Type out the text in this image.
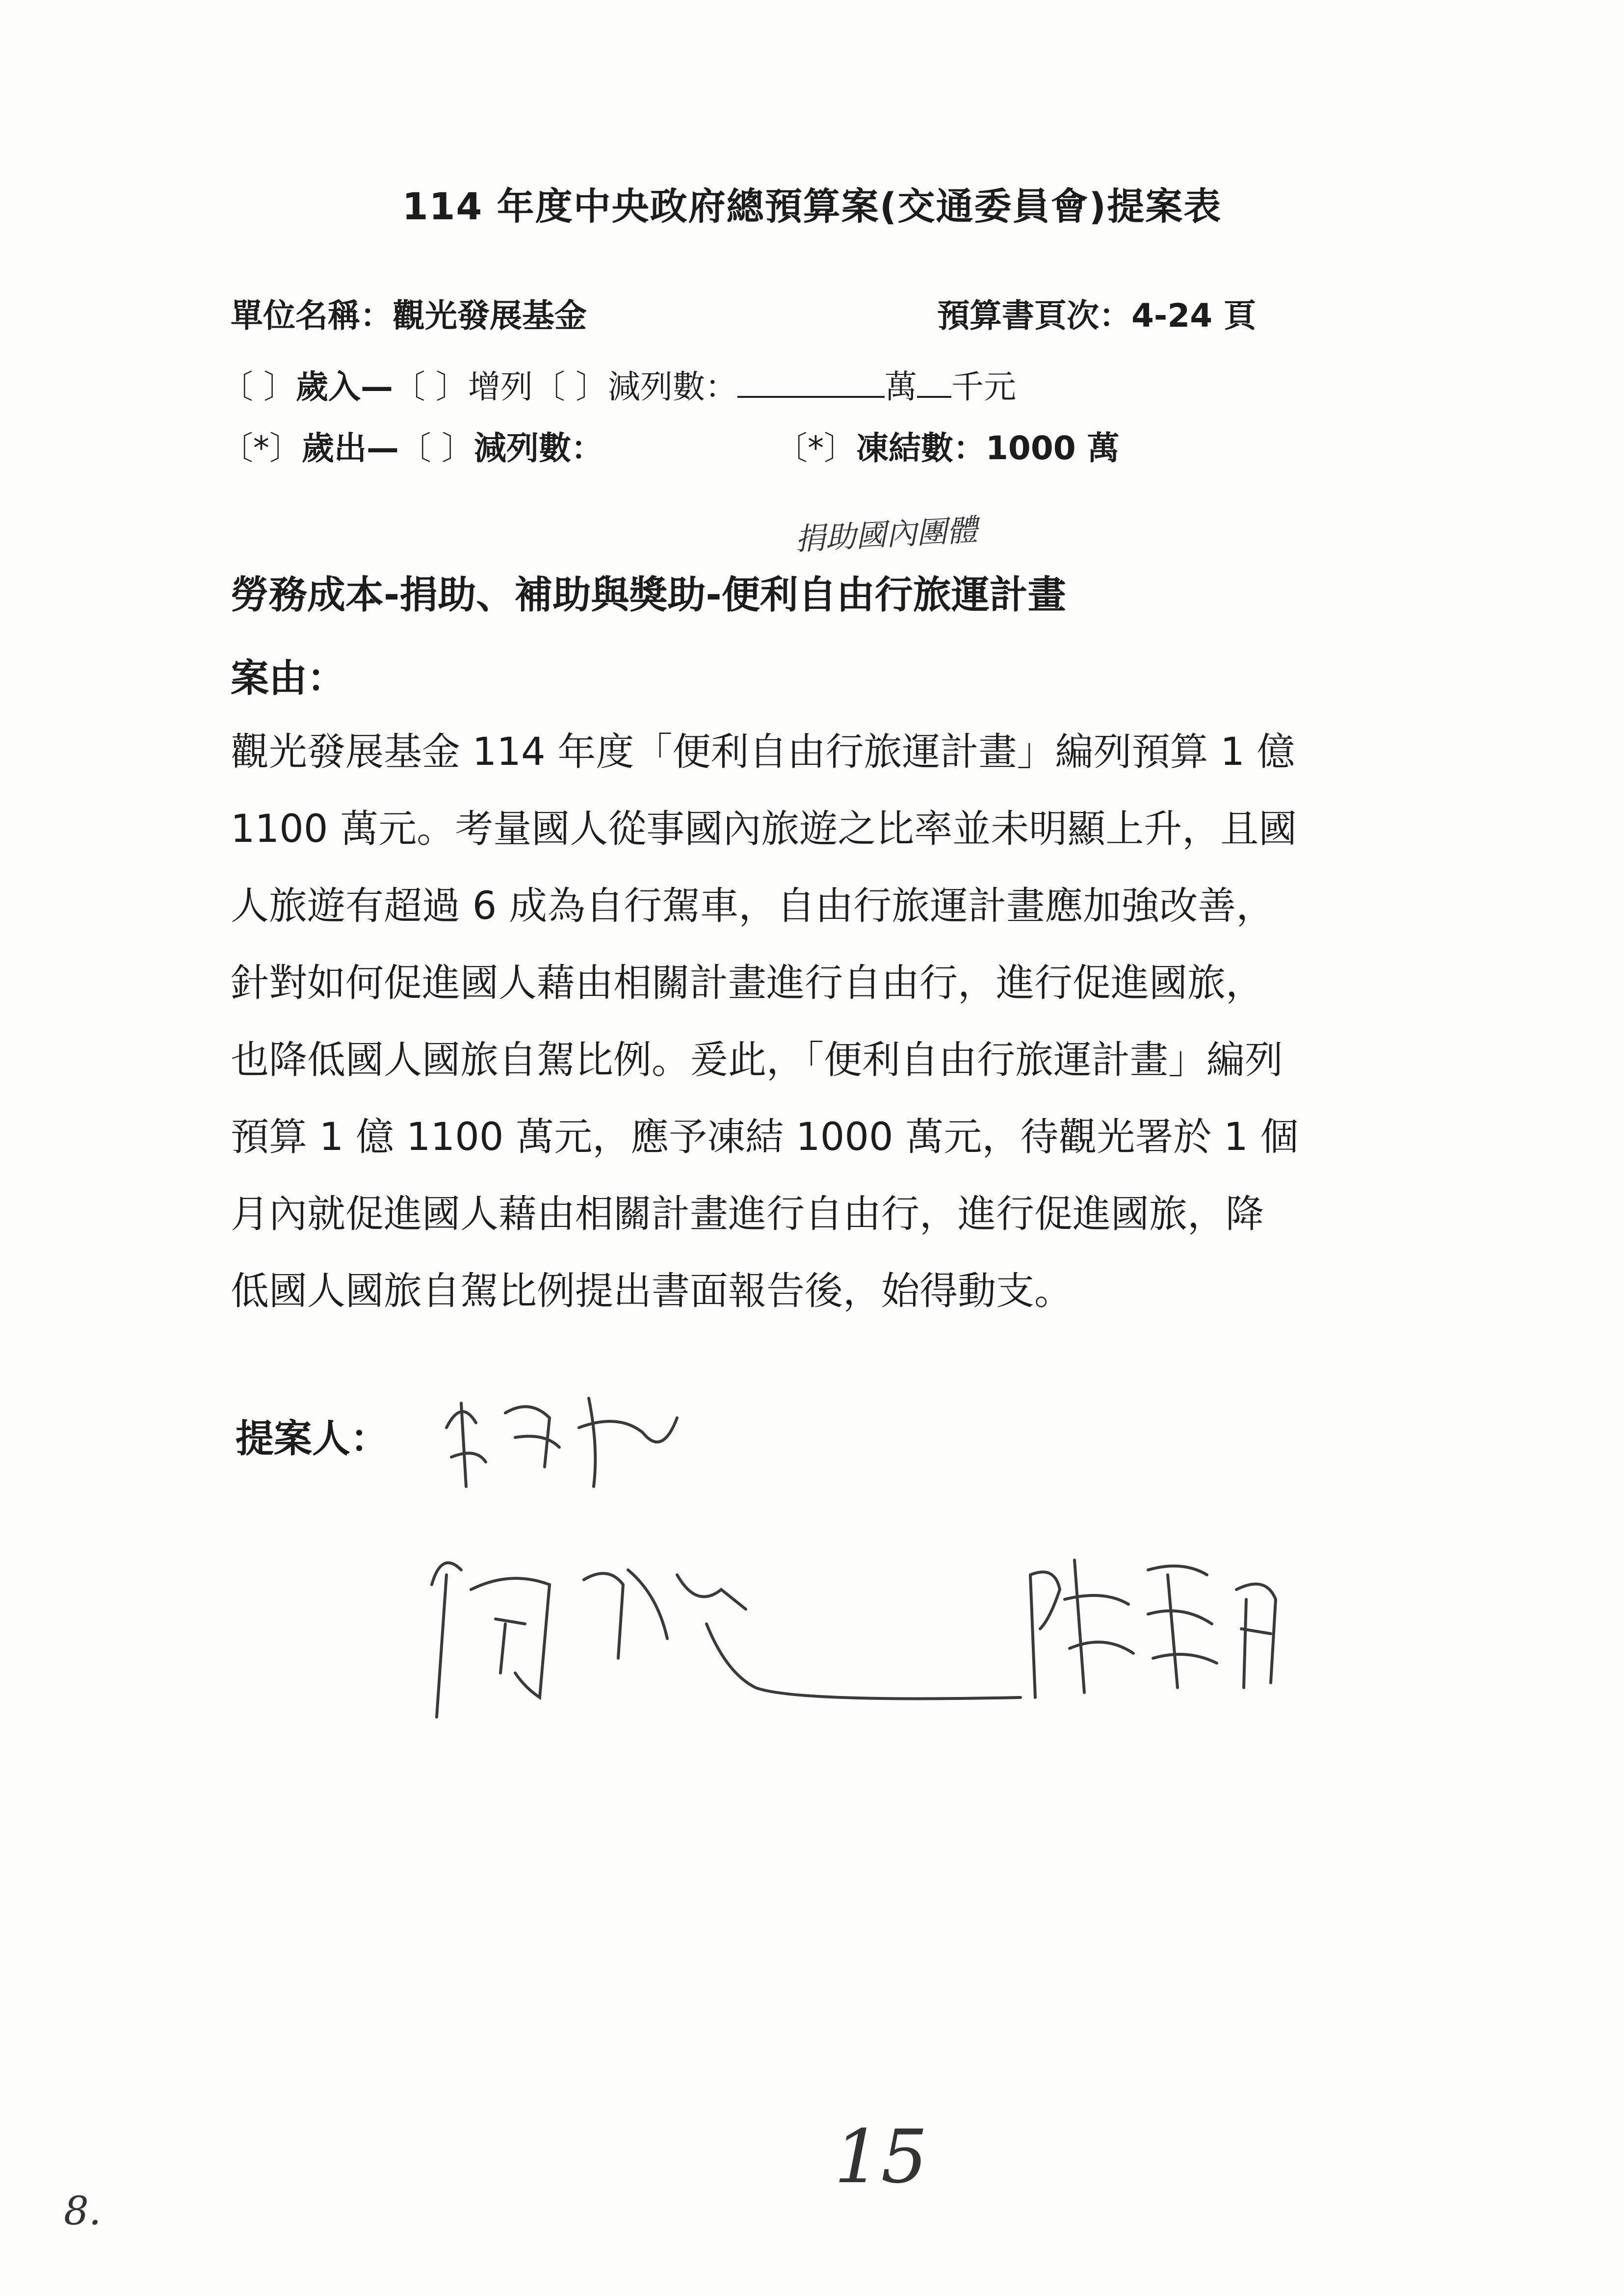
114 年度中央政府總預算案(交通委員會)提案表
單位名稱：觀光發展基金	預算書頁次：4-24 頁
〔 〕歲入—〔 〕增列〔 〕減列數：	萬 千元
〔*〕歲出—〔 〕減列數：	〔*〕凍結數：1000 萬
捐助國內團體
勞務成本-捐助、補助與獎助-便利自由行旅運計畫
案由：
觀光發展基金 114 年度「便利自由行旅運計畫」編列預算 1 億
1100 萬元。考量國人從事國內旅遊之比率並未明顯上升，且國
人旅遊有超過 6 成為自行駕車，自由行旅運計畫應加強改善，
針對如何促進國人藉由相關計畫進行自由行，進行促進國旅，
也降低國人國旅自駕比例。爰此，「便利自由行旅運計畫」編列
預算 1 億 1100 萬元，應予凍結 1000 萬元，待觀光署於 1 個
月內就促進國人藉由相關計畫進行自由行，進行促進國旅，降
低國人國旅自駕比例提出書面報告後，始得動支。
提案人：
15
8.
